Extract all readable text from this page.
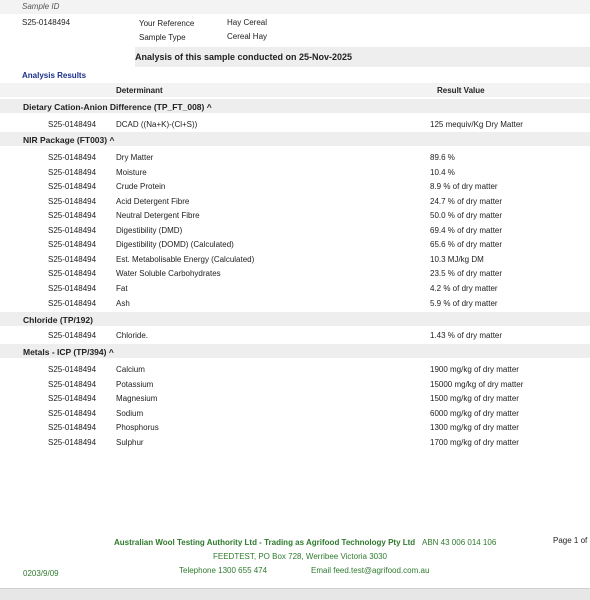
Sample ID
S25-0148494	Your Reference	Hay Cereal
Sample Type	Cereal Hay
Analysis of this sample conducted on 25-Nov-2025
Analysis Results
Determinant	Result Value
Dietary Cation-Anion Difference (TP_FT_008) ^
S25-0148494 DCAD ((Na+K)-(Cl+S))	125 mequiv/Kg Dry Matter
NIR Package (FT003) ^
S25-0148494 Dry Matter	89.6 %
S25-0148494 Moisture	10.4 %
S25-0148494 Crude Protein	8.9 % of dry matter
S25-0148494 Acid Detergent Fibre	24.7 % of dry matter
S25-0148494 Neutral Detergent Fibre	50.0 % of dry matter
S25-0148494 Digestibility (DMD)	69.4 % of dry matter
S25-0148494 Digestibility (DOMD) (Calculated)	65.6 % of dry matter
S25-0148494 Est. Metabolisable Energy (Calculated)	10.3 MJ/kg DM
S25-0148494 Water Soluble Carbohydrates	23.5 % of dry matter
S25-0148494 Fat	4.2 % of dry matter
S25-0148494 Ash	5.9 % of dry matter
Chloride (TP/192)
S25-0148494 Chloride.	1.43 % of dry matter
Metals - ICP (TP/394) ^
S25-0148494 Calcium	1900 mg/kg of dry matter
S25-0148494 Potassium	15000 mg/kg of dry matter
S25-0148494 Magnesium	1500 mg/kg of dry matter
S25-0148494 Sodium	6000 mg/kg of dry matter
S25-0148494 Phosphorus	1300 mg/kg of dry matter
S25-0148494 Sulphur	1700 mg/kg of dry matter
Australian Wool Testing Authority Ltd - Trading as Agrifood Technology Pty Ltd ABN 43 006 014 106
FEEDTEST, PO Box 728, Werribee Victoria 3030
Telephone 1300 655 474	Email feed.test@agrifood.com.au
0203/9/09
Page 1 of
